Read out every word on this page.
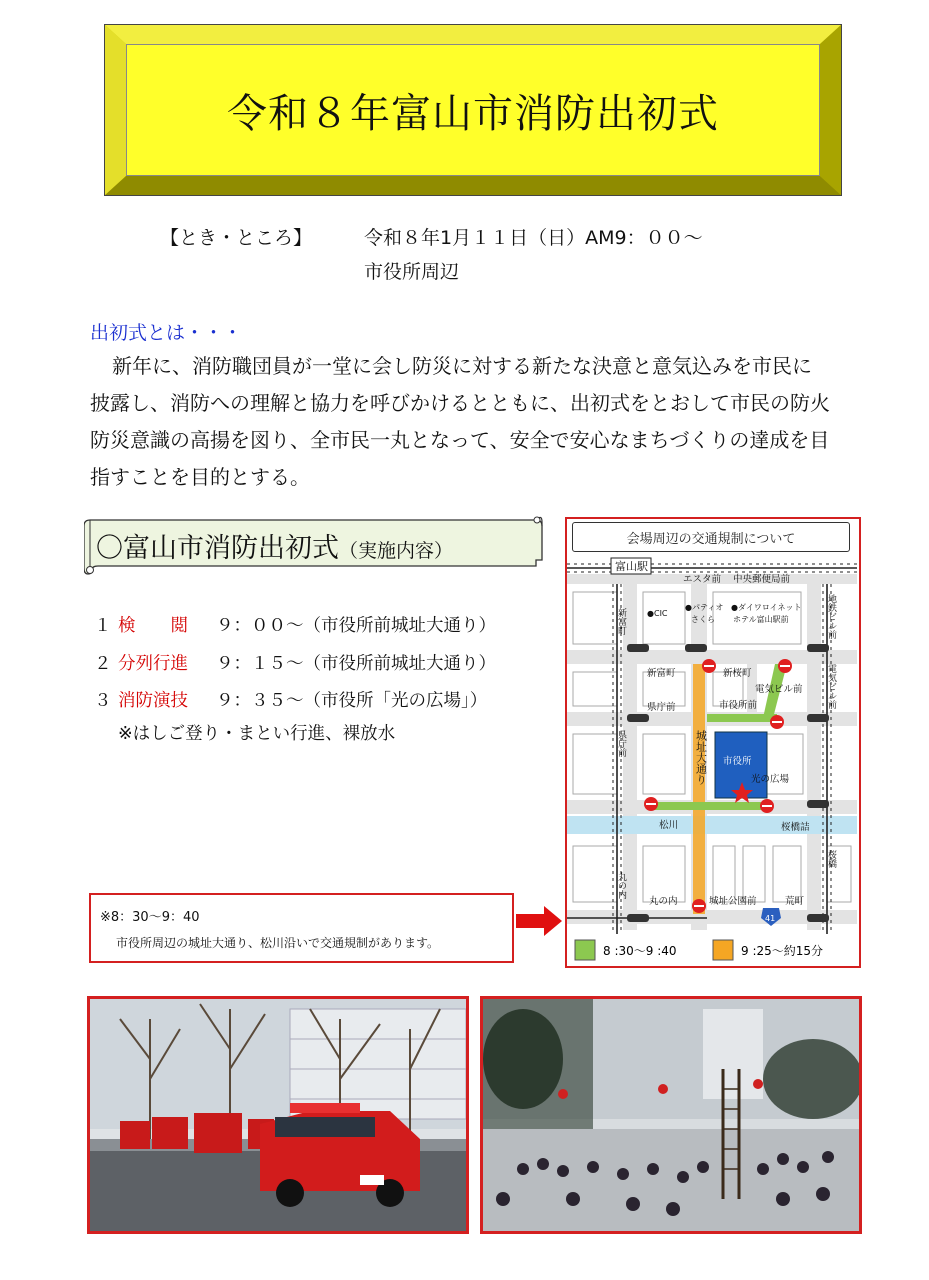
令和８年富山市消防出初式
【とき・ところ】	令和８年1月１１日（日）AM9：００～
市役所周辺
出初式とは・・・
新年に、消防職団員が一堂に会し防災に対する新たな決意と意気込みを市民に披露し、消防への理解と協力を呼びかけるとともに、出初式をとおして市民の防火防災意識の高揚を図り、全市民一丸となって、安全で安心なまちづくりの達成を目指すことを目的とする。
〇富山市消防出初式（実施内容）
１ 検　　閲 ９：００～（市役所前城址大通り）
２ 分列行進 ９：１５～（市役所前城址大通り）
３ 消防演技 ９：３５～（市役所「光の広場」）
※はしご登り・まとい行進、裸放水
※8：30～9：40
市役所周辺の城址大通り、松川沿いで交通規制があります。
会場周辺の交通規制について
富山駅
エスタ前 中央郵便局前
●CIC
●パティオ
さくら
●ダイワロイネット
ホテル富山駅前
新富町	新桜町
電気ビル前
県庁前	市役所前
市役所
光の広場
松川	桜橋詰
丸の内	城址公園前	荒町
41
新富町	地鉄ビル前
電気ビル前
県庁前	城址大通り
桜橋
丸の内
8 :30～9 :40	9 :25～約15分
